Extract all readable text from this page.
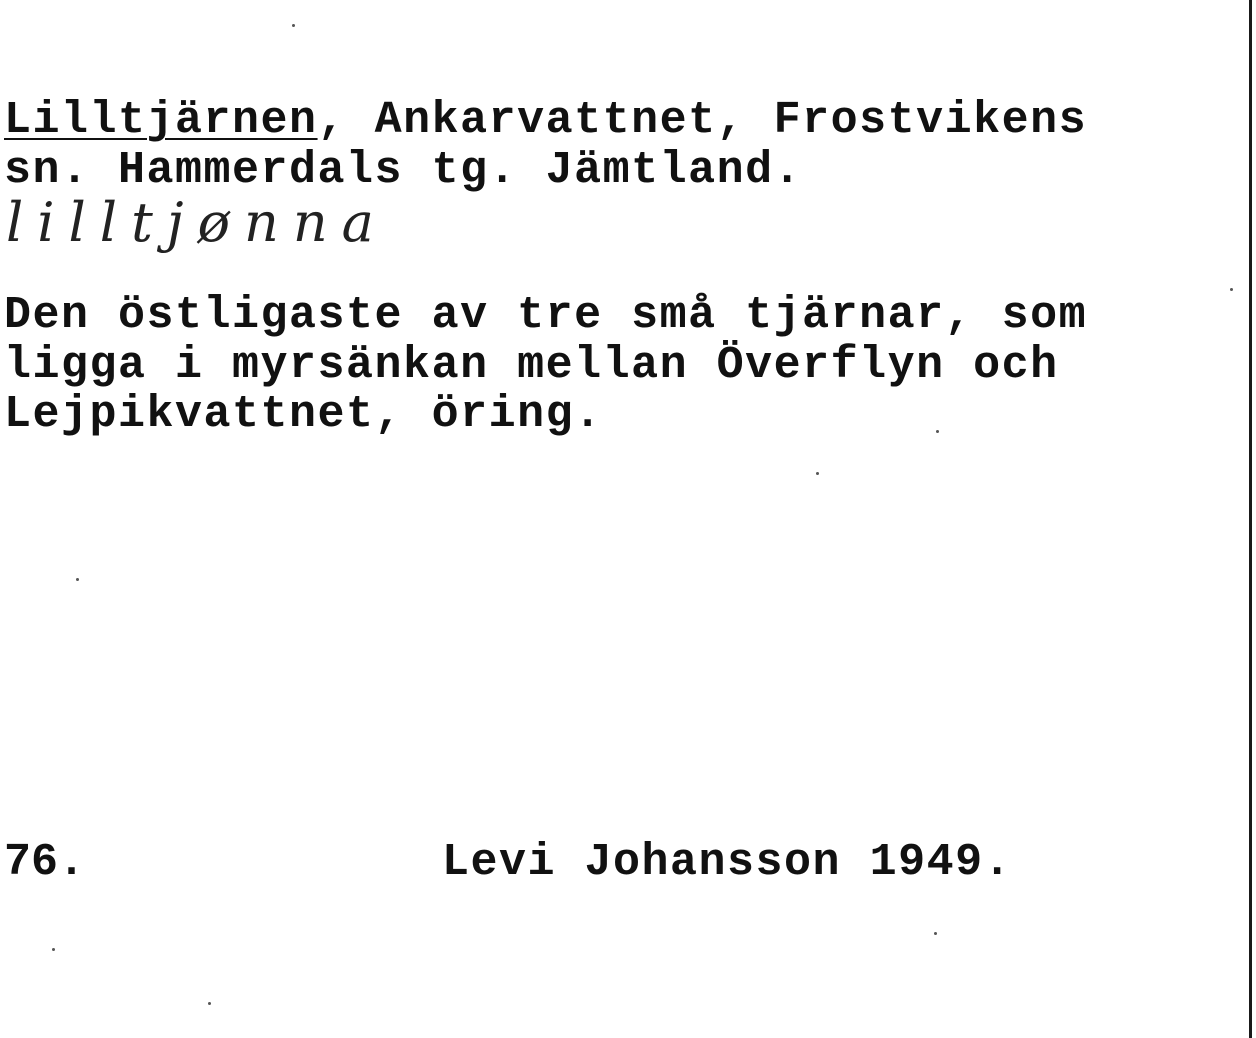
Lilltjärnen, Ankarvattnet, Frostvikens
sn. Hammerdals tg. Jämtland.
lilltjønna
Den östligaste av tre små tjärnar, som
ligga i myrsänkan mellan Överflyn och
Lejpikvattnet, öring.
76.	Levi Johansson 1949.
